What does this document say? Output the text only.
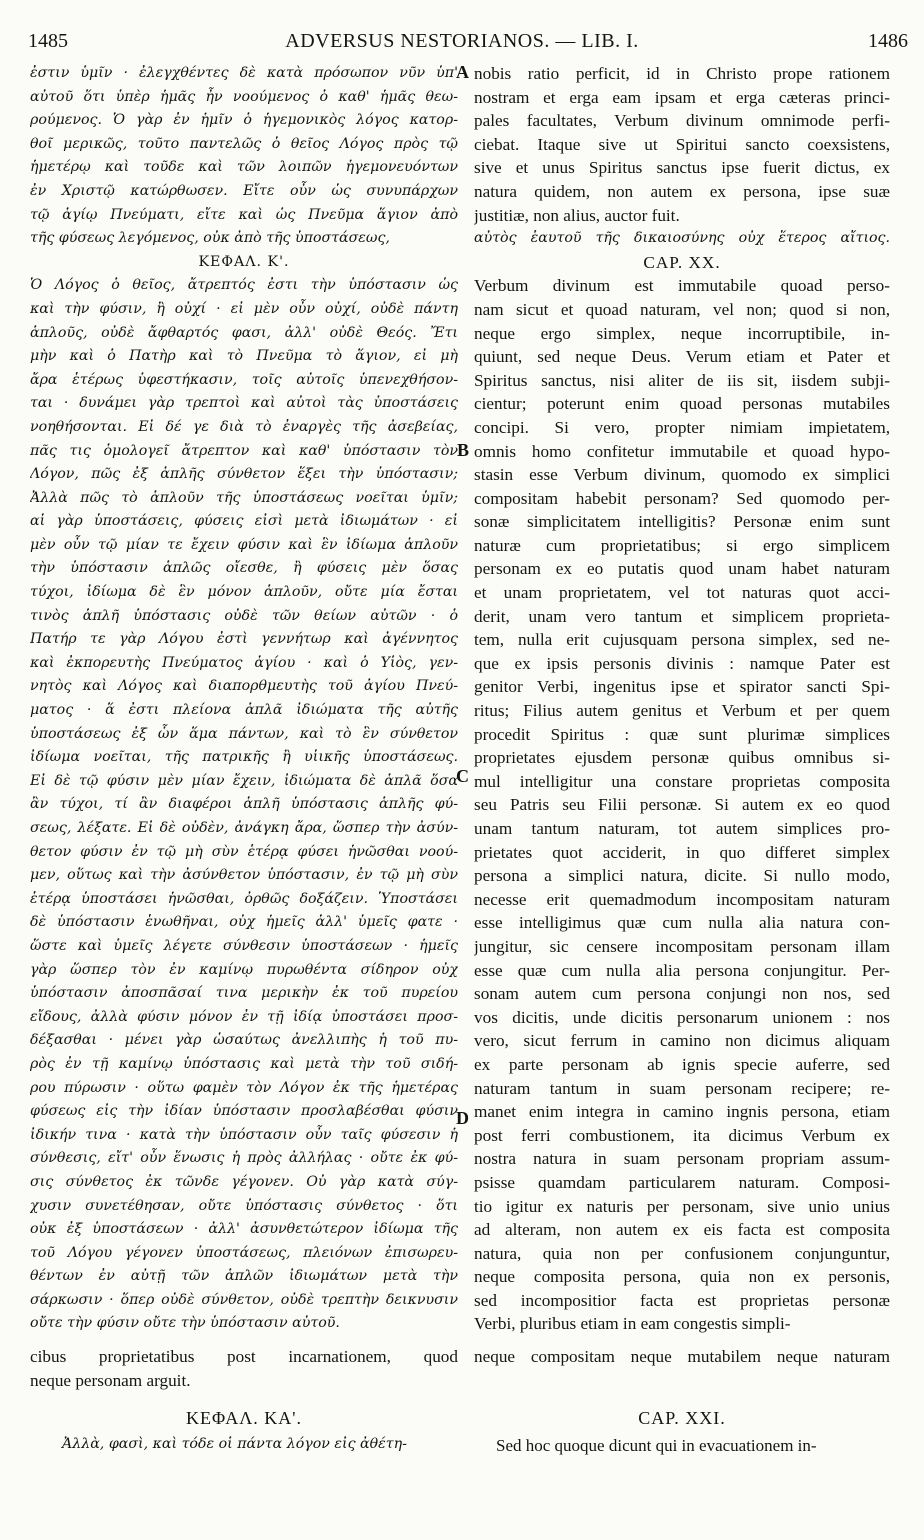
1485	ADVERSUS NESTORIANOS. — LIB. I.	1486
ἐστιν ὑμῖν · ἐλεγχθέντες δὲ κατὰ πρόσωπον νῦν ὑπ'
αὐτοῦ ὅτι ὑπὲρ ἡμᾶς ἦν νοούμενος ὁ καθ' ἡμᾶς θεω-
ρούμενος. Ὁ γὰρ ἐν ἡμῖν ὁ ἡγεμονικὸς λόγος κατορ-
θοῖ μερικῶς, τοῦτο παντελῶς ὁ θεῖος Λόγος πρὸς τῷ
ἡμετέρῳ καὶ τοῦδε καὶ τῶν λοιπῶν ἡγεμονευόντων
ἐν Χριστῷ κατώρθωσεν. Εἴτε οὖν ὡς συνυπάρχων
τῷ ἁγίῳ Πνεύματι, εἴτε καὶ ὡς Πνεῦμα ἅγιον ἀπὸ
τῆς φύσεως λεγόμενος, οὐκ ἀπὸ τῆς ὑποστάσεως,
ΚΕΦΑΛ. Κ'.
Ὁ Λόγος ὁ θεῖος, ἄτρεπτός ἐστι τὴν ὑπόστασιν ὡς
καὶ τὴν φύσιν, ἢ οὐχί · εἰ μὲν οὖν οὐχί, οὐδὲ πάντη
ἁπλοῦς, οὐδὲ ἄφθαρτός φασι, ἀλλ' οὐδὲ Θεός. Ἔτι
μὴν καὶ ὁ Πατὴρ καὶ τὸ Πνεῦμα τὸ ἅγιον, εἰ μὴ
ἄρα ἑτέρως ὑφεστήκασιν, τοῖς αὐτοῖς ὑπενεχθήσον-
ται · δυνάμει γὰρ τρεπτοὶ καὶ αὐτοὶ τὰς ὑποστάσεις
νοηθήσονται. Εἰ δέ γε διὰ τὸ ἐναργὲς τῆς ἀσεβείας,
πᾶς τις ὁμολογεῖ ἄτρεπτον καὶ καθ' ὑπόστασιν τὸν
Λόγον, πῶς ἐξ ἁπλῆς σύνθετον ἕξει τὴν ὑπόστασιν;
Ἀλλὰ πῶς τὸ ἁπλοῦν τῆς ὑποστάσεως νοεῖται ὑμῖν;
αἱ γὰρ ὑποστάσεις, φύσεις εἰσὶ μετὰ ἰδιωμάτων · εἰ
μὲν οὖν τῷ μίαν τε ἔχειν φύσιν καὶ ἓν ἰδίωμα ἁπλοῦν
τὴν ὑπόστασιν ἁπλῶς οἴεσθε, ἢ φύσεις μὲν ὅσας
τύχοι, ἰδίωμα δὲ ἓν μόνον ἁπλοῦν, οὔτε μία ἔσται
τινὸς ἁπλῆ ὑπόστασις οὐδὲ τῶν θείων αὐτῶν · ὁ
Πατήρ τε γὰρ Λόγου ἐστὶ γεννήτωρ καὶ ἀγέννητος
καὶ ἐκπορευτὴς Πνεύματος ἁγίου · καὶ ὁ Υἱὸς, γεν-
νητὸς καὶ Λόγος καὶ διαπορθμευτὴς τοῦ ἁγίου Πνεύ-
ματος · ἅ ἐστι πλείονα ἁπλᾶ ἰδιώματα τῆς αὐτῆς
ὑποστάσεως ἐξ ὧν ἅμα πάντων, καὶ τὸ ἓν σύνθετον
ἰδίωμα νοεῖται, τῆς πατρικῆς ἢ υἱικῆς ὑποστάσεως.
Εἰ δὲ τῷ φύσιν μὲν μίαν ἔχειν, ἰδιώματα δὲ ἁπλᾶ ὅσα
ἂν τύχοι, τί ἂν διαφέροι ἁπλῆ ὑπόστασις ἁπλῆς φύ-
σεως, λέξατε. Εἰ δὲ οὐδὲν, ἀνάγκη ἄρα, ὥσπερ τὴν ἀσύν-
θετον φύσιν ἐν τῷ μὴ σὺν ἑτέρᾳ φύσει ἡνῶσθαι νοού-
μεν, οὕτως καὶ τὴν ἀσύνθετον ὑπόστασιν, ἐν τῷ μὴ σὺν
ἑτέρᾳ ὑποστάσει ἡνῶσθαι, ὀρθῶς δοξάζειν. Ὑποστάσει
δὲ ὑπόστασιν ἑνωθῆναι, οὐχ ἡμεῖς ἀλλ' ὑμεῖς φατε ·
ὥστε καὶ ὑμεῖς λέγετε σύνθεσιν ὑποστάσεων · ἡμεῖς
γὰρ ὥσπερ τὸν ἐν καμίνῳ πυρωθέντα σίδηρον οὐχ
ὑπόστασιν ἀποσπᾶσαί τινα μερικὴν ἐκ τοῦ πυρείου
εἴδους, ἀλλὰ φύσιν μόνον ἐν τῇ ἰδίᾳ ὑποστάσει προσ-
δέξασθαι · μένει γὰρ ὡσαύτως ἀνελλιπὴς ἡ τοῦ πυ-
ρὸς ἐν τῇ καμίνῳ ὑπόστασις καὶ μετὰ τὴν τοῦ σιδή-
ρου πύρωσιν · οὕτω φαμὲν τὸν Λόγον ἐκ τῆς ἡμετέρας
φύσεως εἰς τὴν ἰδίαν ὑπόστασιν προσλαβέσθαι φύσιν
ἰδικήν τινα · κατὰ τὴν ὑπόστασιν οὖν ταῖς φύσεσιν ἡ
σύνθεσις, εἴτ' οὖν ἕνωσις ἡ πρὸς ἀλλήλας · οὔτε ἐκ φύ-
σις σύνθετος ἐκ τῶνδε γέγονεν. Οὐ γὰρ κατὰ σύγ-
χυσιν συνετέθησαν, οὔτε ὑπόστασις σύνθετος · ὅτι
οὐκ ἐξ ὑποστάσεων · ἀλλ' ἀσυνθετώτερον ἰδίωμα τῆς
τοῦ Λόγου γέγονεν ὑποστάσεως, πλειόνων ἐπισωρευ-
θέντων ἐν αὐτῇ τῶν ἁπλῶν ἰδιωμάτων μετὰ τὴν
σάρκωσιν · ὅπερ οὐδὲ σύνθετον, οὐδὲ τρεπτὴν δεικνυσιν
οὔτε τὴν φύσιν οὔτε τὴν ὑπόστασιν αὐτοῦ.
nobis ratio perficit, id in Christo prope rationem
nostram et erga eam ipsam et erga cæteras princi-
pales facultates, Verbum divinum omnimode perfi-
ciebat. Itaque sive ut Spiritui sancto coexsistens,
sive et unus Spiritus sanctus ipse fuerit dictus, ex
natura quidem, non autem ex persona, ipse suæ
justitiæ, non alius, auctor fuit.
αὐτὸς ἑαυτοῦ τῆς δικαιοσύνης οὐχ ἕτερος αἴτιος.
CAP. XX.
Verbum divinum est immutabile quoad perso-
nam sicut et quoad naturam, vel non; quod si non,
neque ergo simplex, neque incorruptibile, in-
quiunt, sed neque Deus. Verum etiam et Pater et
Spiritus sanctus, nisi aliter de iis sit, iisdem subji-
cientur; poterunt enim quoad personas mutabiles
concipi. Si vero, propter nimiam impietatem,
omnis homo confitetur immutabile et quoad hypo-
stasin esse Verbum divinum, quomodo ex simplici
compositam habebit personam? Sed quomodo per-
sonæ simplicitatem intelligitis? Personæ enim sunt
naturæ cum proprietatibus; si ergo simplicem
personam ex eo putatis quod unam habet naturam
et unam proprietatem, vel tot naturas quot acci-
derit, unam vero tantum et simplicem proprieta-
tem, nulla erit cujusquam persona simplex, sed ne-
que ex ipsis personis divinis : namque Pater est
genitor Verbi, ingenitus ipse et spirator sancti Spi-
ritus; Filius autem genitus et Verbum et per quem
procedit Spiritus : quæ sunt plurimæ simplices
proprietates ejusdem personæ quibus omnibus si-
mul intelligitur una constare proprietas composita
seu Patris seu Filii personæ. Si autem ex eo quod
unam tantum naturam, tot autem simplices pro-
prietates quot acciderit, in quo differet simplex
persona a simplici natura, dicite. Si nullo modo,
necesse erit quemadmodum incompositam naturam
esse intelligimus quæ cum nulla alia natura con-
jungitur, sic censere incompositam personam illam
esse quæ cum nulla alia persona conjungitur. Per-
sonam autem cum persona conjungi non nos, sed
vos dicitis, unde dicitis personarum unionem : nos
vero, sicut ferrum in camino non dicimus aliquam
ex parte personam ab ignis specie auferre, sed
naturam tantum in suam personam recipere; re-
manet enim integra in camino ingnis persona, etiam
post ferri combustionem, ita dicimus Verbum ex
nostra natura in suam personam propriam assum-
psisse quamdam particularem naturam. Composi-
tio igitur ex naturis per personam, sive unio unius
ad alteram, non autem ex eis facta est composita
natura, quia non per confusionem conjunguntur,
neque composita persona, quia non ex personis,
sed incompositior facta est proprietas personæ
Verbi, pluribus etiam in eam congestis simpli-
cibus proprietatibus post incarnationem, quod
neque personam arguit.
neque compositam neque mutabilem neque naturam
ΚΕΦΑΛ. ΚΑ'.	CAP. XXI.
Ἀλλὰ, φασὶ, καὶ τόδε οἱ πάντα λόγον εἰς ἀθέτη-	Sed hoc quoque dicunt qui in evacuationem in-
A
B
C
D
